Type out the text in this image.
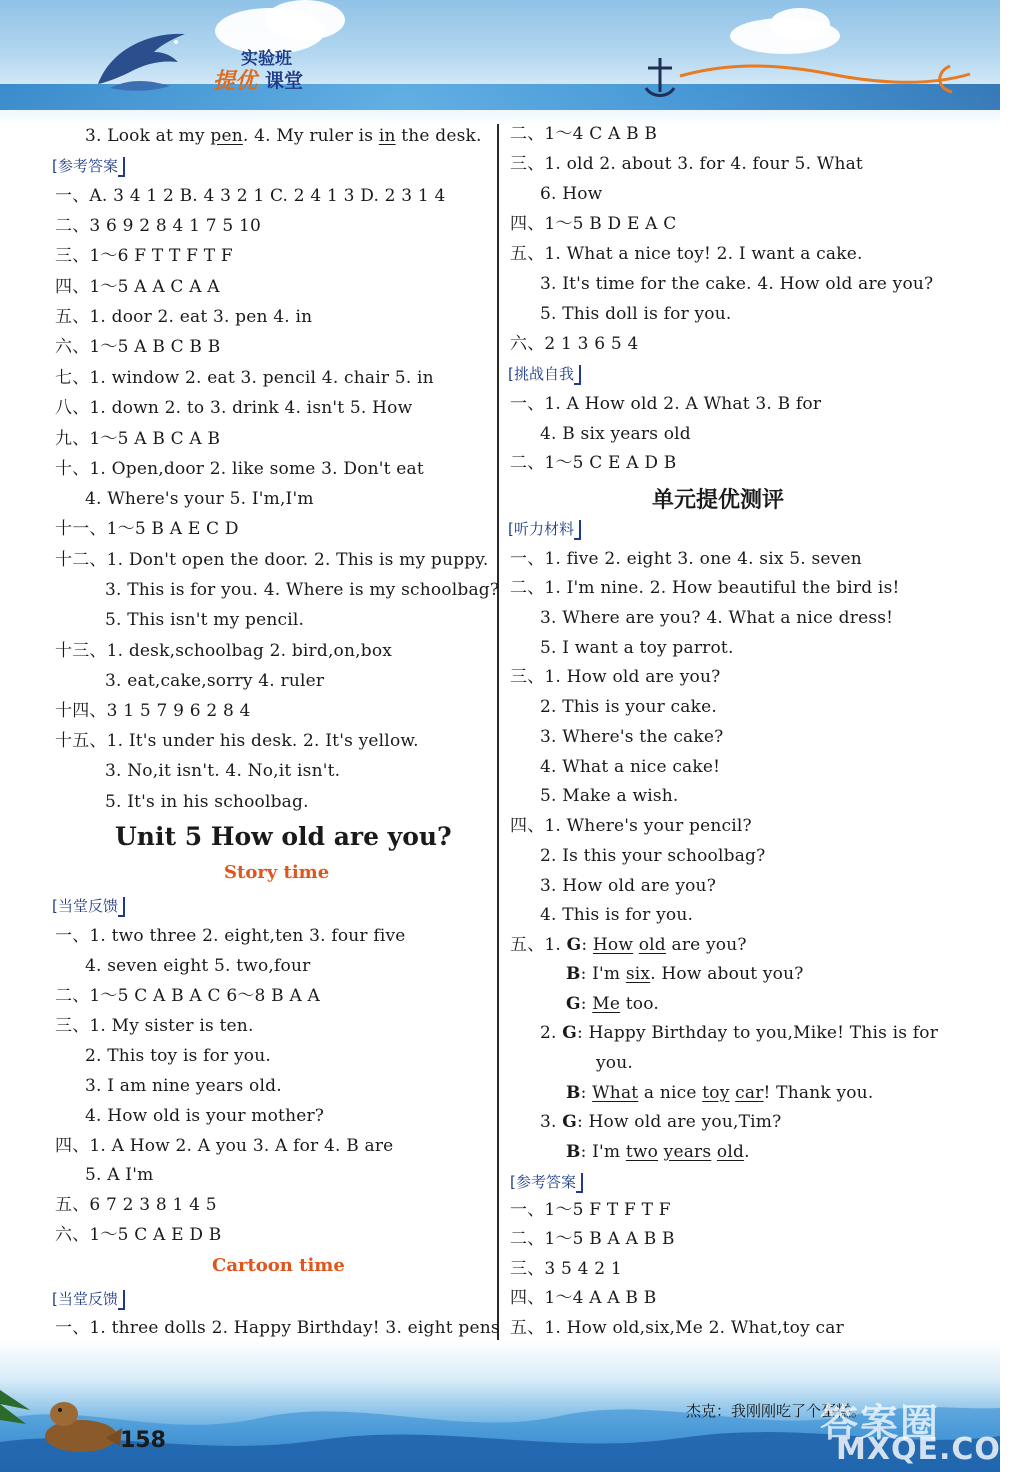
实验班
提优 课堂
3. Look at my pen. 4. My ruler is in the desk.
[ 参考答案
一、A. 3 4 1 2 B. 4 3 2 1 C. 2 4 1 3 D. 2 3 1 4
二、3 6 9 2 8 4 1 7 5 10
三、1～6 F T T F T F
四、1～5 A A C A A
五、1. door 2. eat 3. pen 4. in
六、1～5 A B C B B
七、1. window 2. eat 3. pencil 4. chair 5. in
八、1. down 2. to 3. drink 4. isn't 5. How
九、1～5 A B C A B
十、1. Open,door 2. like some 3. Don't eat
4. Where's your 5. I'm,I'm
十一、1～5 B A E C D
十二、1. Don't open the door. 2. This is my puppy.
3. This is for you. 4. Where is my schoolbag?
5. This isn't my pencil.
十三、1. desk,schoolbag 2. bird,on,box
3. eat,cake,sorry 4. ruler
十四、3 1 5 7 9 6 2 8 4
十五、1. It's under his desk. 2. It's yellow.
3. No,it isn't. 4. No,it isn't.
5. It's in his schoolbag.
Unit 5 How old are you?
Story time
[ 当堂反馈
一、1. two three 2. eight,ten 3. four five
4. seven eight 5. two,four
二、1～5 C A B A C 6～8 B A A
三、1. My sister is ten.
2. This toy is for you.
3. I am nine years old.
4. How old is your mother?
四、1. A How 2. A you 3. A for 4. B are
5. A I'm
五、6 7 2 3 8 1 4 5
六、1～5 C A E D B
Cartoon time
[ 当堂反馈
一、1. three dolls 2. Happy Birthday! 3. eight pens
二、1～4 C A B B
三、1. old 2. about 3. for 4. four 5. What
6. How
四、1～5 B D E A C
五、1. What a nice toy! 2. I want a cake.
3. It's time for the cake. 4. How old are you?
5. This doll is for you.
六、2 1 3 6 5 4
[ 挑战自我
一、1. A How old 2. A What 3. B for
4. B six years old
二、1～5 C E A D B
单元提优测评
[ 听力材料
一、1. five 2. eight 3. one 4. six 5. seven
二、1. I'm nine. 2. How beautiful the bird is!
3. Where are you? 4. What a nice dress!
5. I want a toy parrot.
三、1. How old are you?
2. This is your cake.
3. Where's the cake?
4. What a nice cake!
5. Make a wish.
四、1. Where's your pencil?
2. Is this your schoolbag?
3. How old are you?
4. This is for you.
五、1. G: How old are you?
B: I'm six. How about you?
G: Me too.
2. G: Happy Birthday to you,Mike! This is for
you.
B: What a nice toy car! Thank you.
3. G: How old are you,Tim?
B: I'm two years old.
[ 参考答案
一、1～5 F T F T F
二、1～5 B A A B B
三、3 5 4 2 1
四、1～4 A A B B
五、1. How old,six,Me 2. What,toy car
158
杰克：我刚刚吃了个蛋糕。
答案圈
MXQE.COM
